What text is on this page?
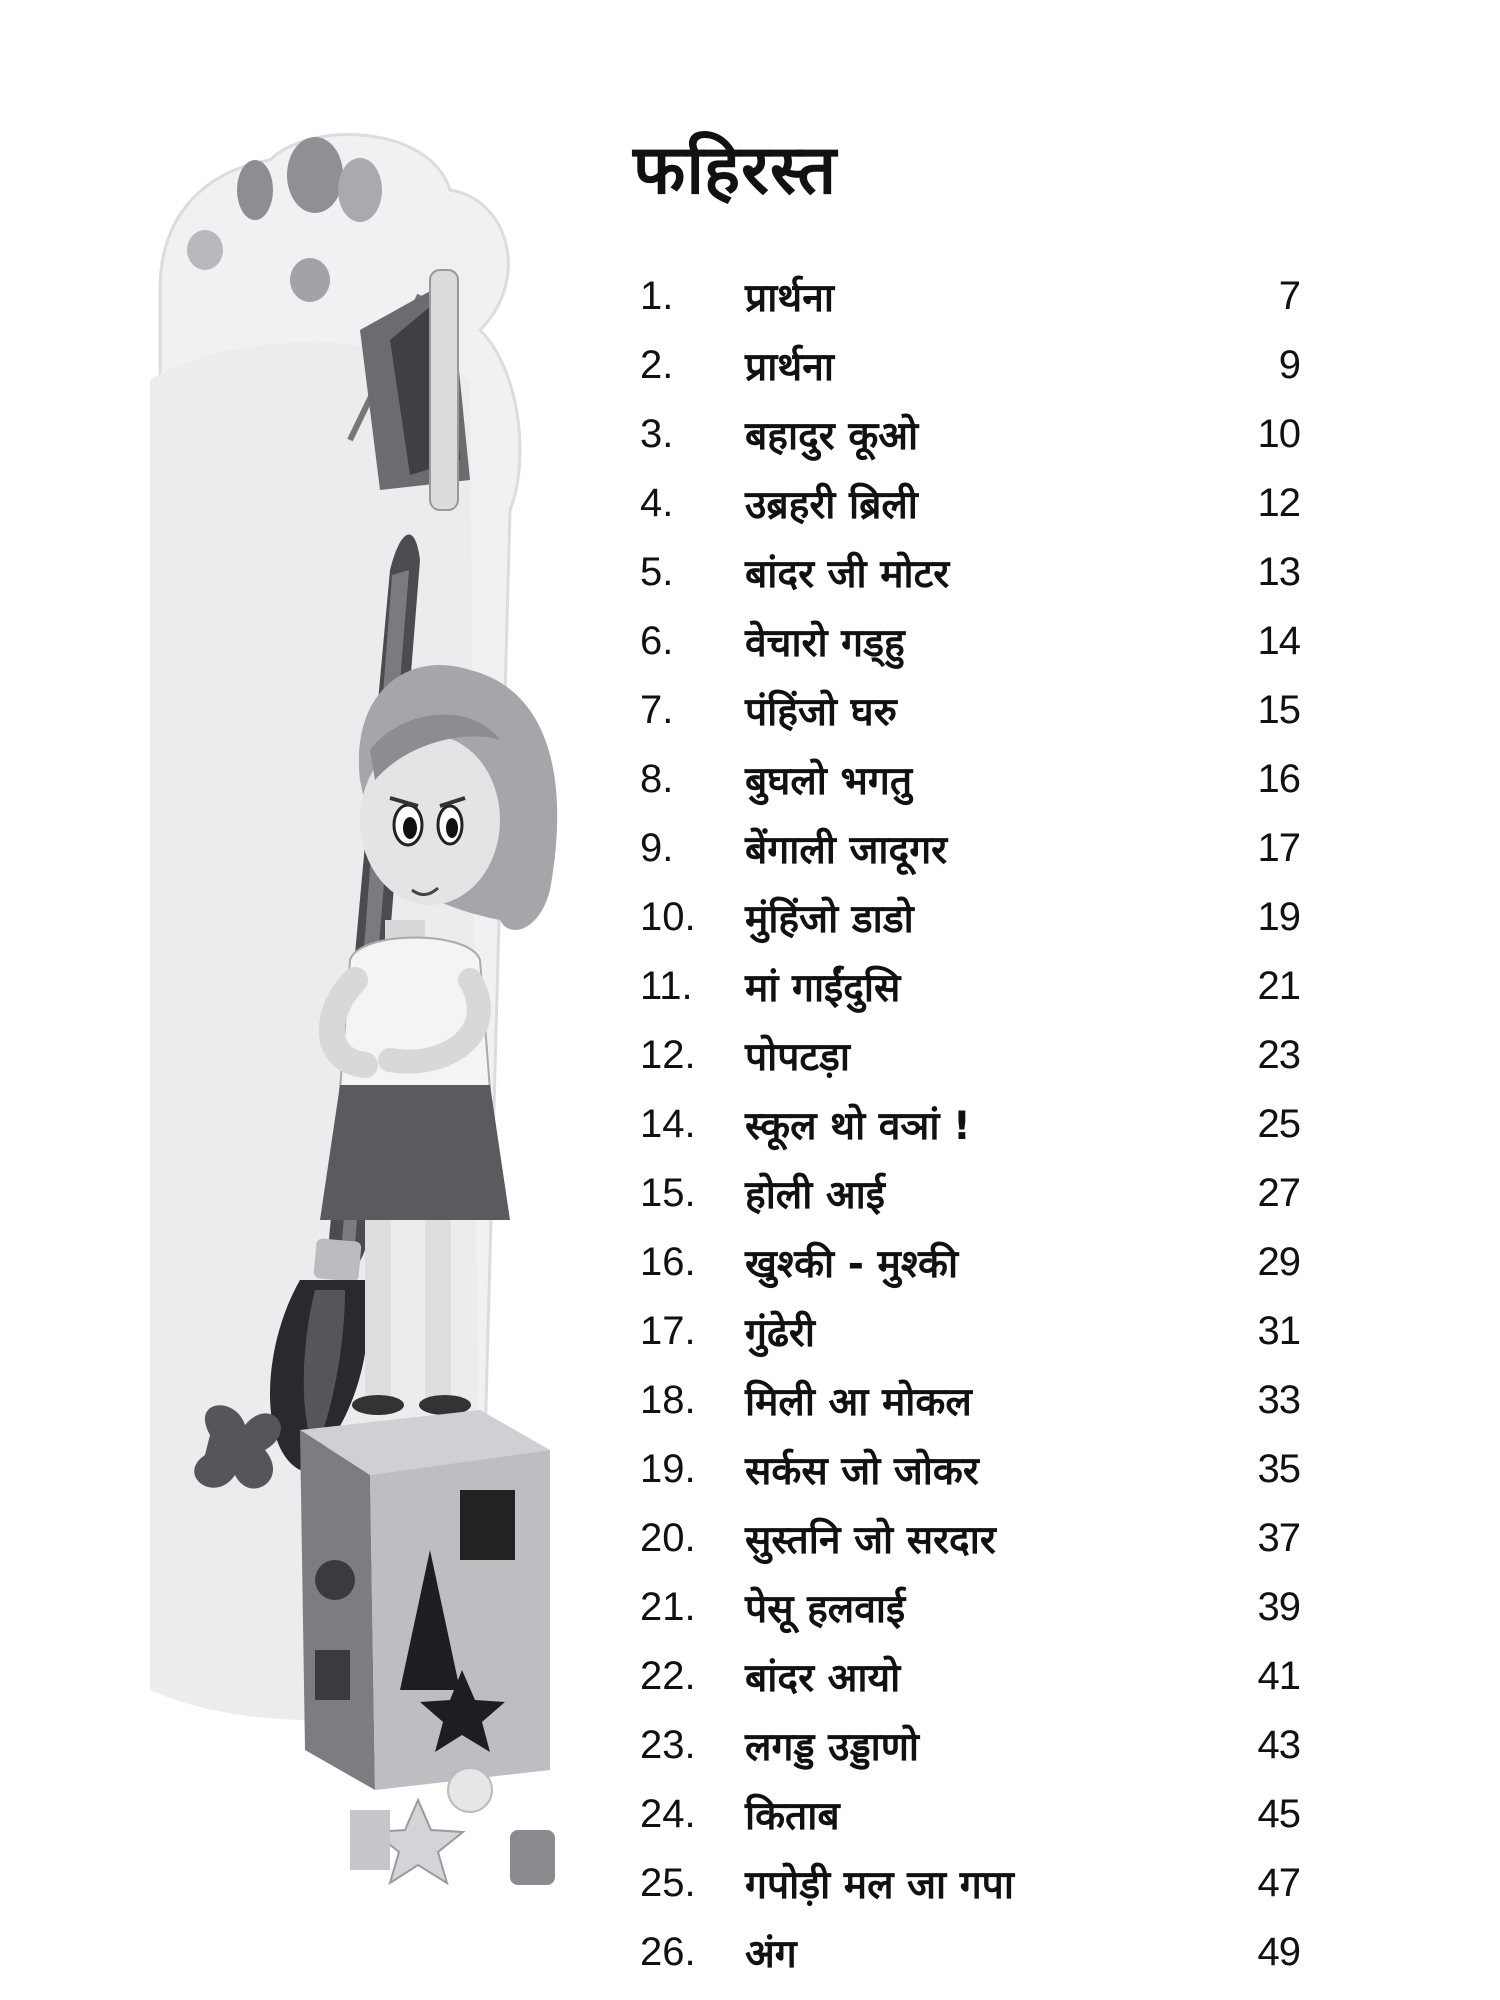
फहिरस्त
1.	प्रार्थना	7
2.	प्रार्थना	9
3.	बहादुर कूओ	10
4.	उब्रहरी ब्रिली	12
5.	बांदर जी मोटर	13
6.	वेचारो गड्हु	14
7.	पंहिंजो घरु	15
8.	बुघलो भगतु	16
9.	बेंगाली जादूगर	17
10.	मुंहिंजो डाडो	19
11.	मां गाईंदुसि	21
12.	पोपटड़ा	23
14.	स्कूल थो वञां !	25
15.	होली आई	27
16.	खुश्की - मुश्की	29
17.	गुंढेरी	31
18.	मिली आ मोकल	33
19.	सर्कस जो जोकर	35
20.	सुस्तनि जो सरदार	37
21.	पेसू हलवाई	39
22.	बांदर आयो	41
23.	लगड्ड उड्डाणो	43
24.	किताब	45
25.	गपोड़ी मल जा गपा	47
26.	अंग	49
